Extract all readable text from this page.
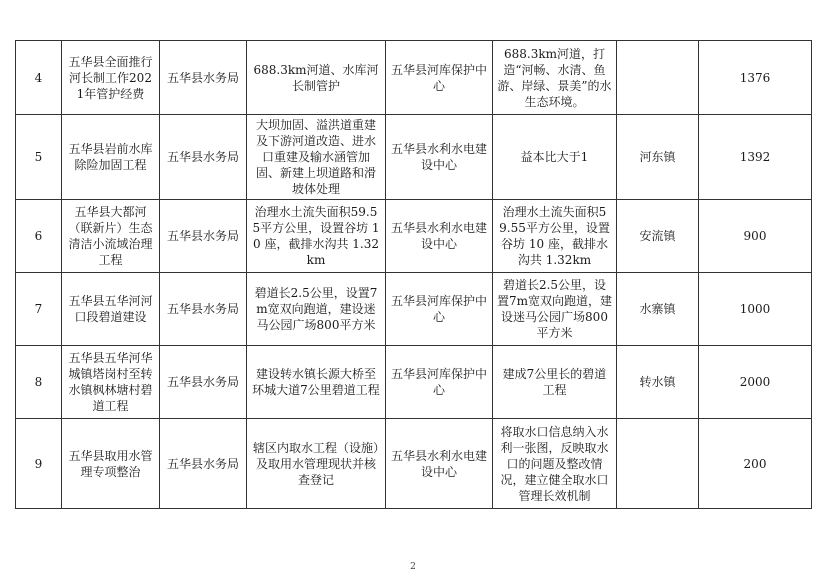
4	五华县全面推行河长制工作2021年管护经费	五华县水务局	688.3km河道、水库河长制管护	五华县河库保护中心	688.3km河道，打造“河畅、水清、鱼游、岸绿、景美”的水生态环境。		1376
5	五华县岩前水库除险加固工程	五华县水务局	大坝加固、溢洪道重建及下游河道改造、进水口重建及输水涵管加固、新建上坝道路和滑坡体处理	五华县水利水电建设中心	益本比大于1	河东镇	1392
6	五华县大都河（联新片）生态清洁小流域治理工程	五华县水务局	治理水土流失面积59.55平方公里，设置谷坊 10 座，截排水沟共 1.32km	五华县水利水电建设中心	治理水土流失面积59.55平方公里，设置谷坊 10 座，截排水沟共 1.32km	安流镇	900
7	五华县五华河河口段碧道建设	五华县水务局	碧道长2.5公里，设置7m宽双向跑道，建设迷马公园广场800平方米	五华县河库保护中心	碧道长2.5公里，设置7m宽双向跑道，建设迷马公园广场800平方米	水寨镇	1000
8	五华县五华河华城镇塔岗村至转水镇枫林塘村碧道工程	五华县水务局	建设转水镇长源大桥至环城大道7公里碧道工程	五华县河库保护中心	建成7公里长的碧道工程	转水镇	2000
9	五华县取用水管理专项整治	五华县水务局	辖区内取水工程（设施）及取用水管理现状并核查登记	五华县水利水电建设中心	将取水口信息纳入水利一张图，反映取水口的问题及整改情况，建立健全取水口管理长效机制		200
2
